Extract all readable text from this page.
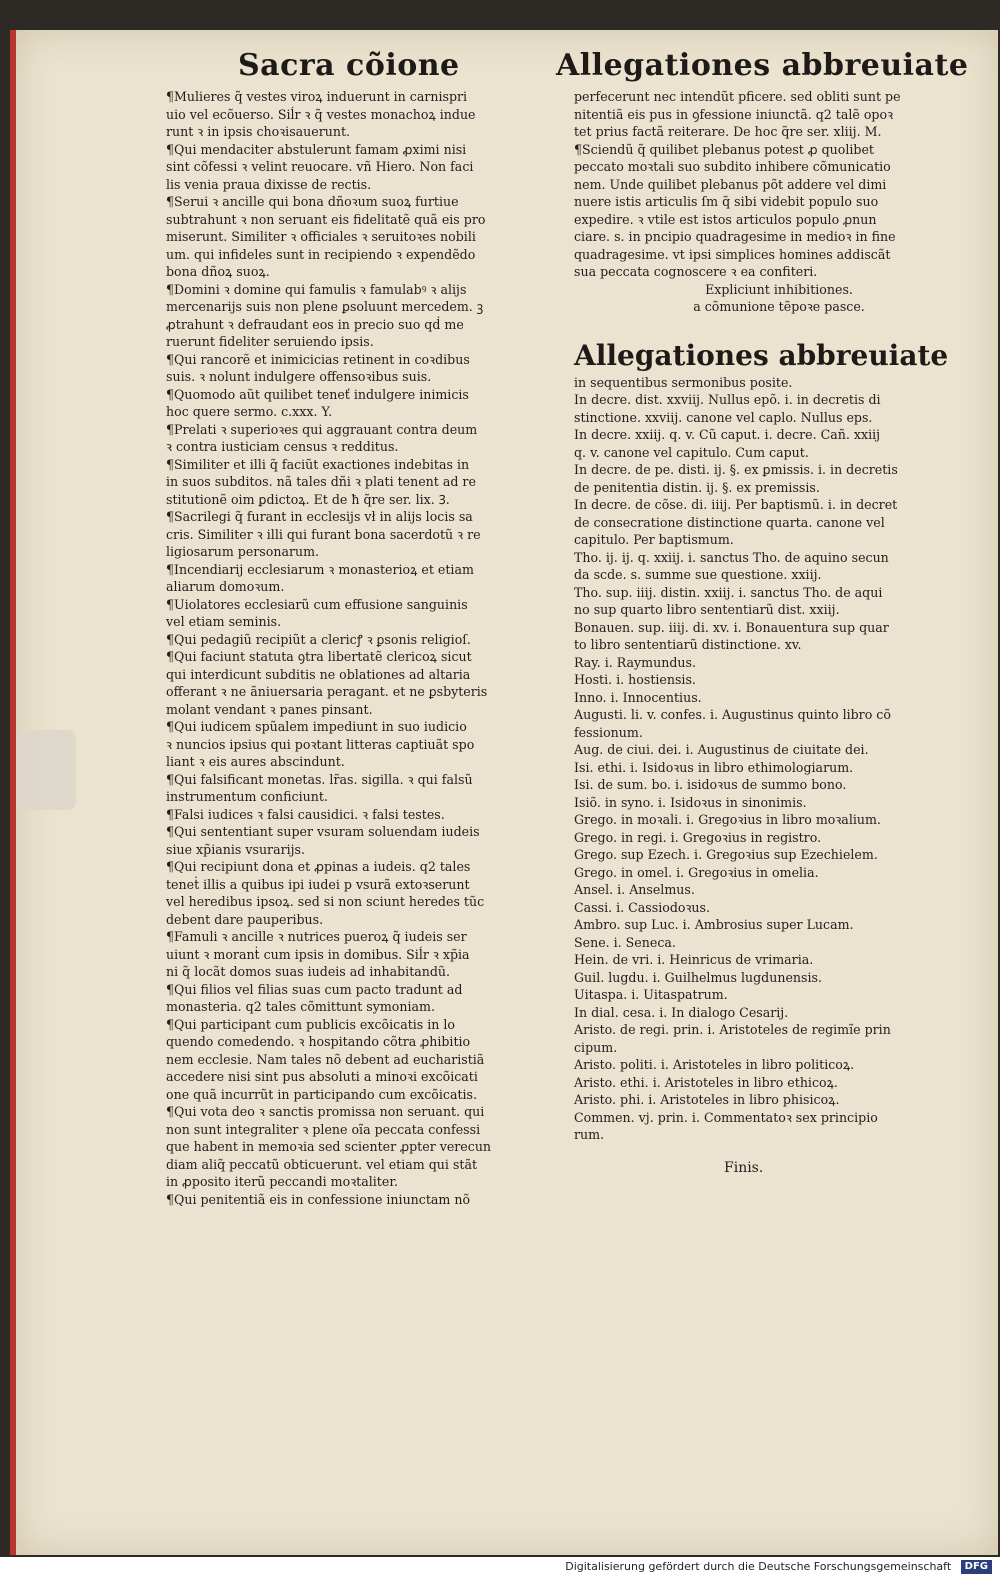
Sacra cõione	Allegationes abbreuiate
¶Mulieres q̃ vestes viroꝝ induerunt in carnispri
uio vel ecõuerso. Siĺr ꝛ q̃ vestes monachoꝝ indue
runt ꝛ in ipsis choꝛisauerunt.
¶Qui mendaciter abstulerunt famam ꝓximi nisi
sint cõfessi ꝛ velint reuocare. vñ Hiero. Non faci
lis venia praua dixisse de rectis.
¶Serui ꝛ ancille qui bona dñoꝛum suoꝝ furtiue
subtrahunt ꝛ non seruant eis fidelitatẽ quã eis pro
miserunt. Similiter ꝛ officiales ꝛ seruitoꝛes nobili
um. qui infideles sunt in recipiendo ꝛ expendẽdo
bona dñoꝝ suoꝝ.
¶Domini ꝛ domine qui famulis ꝛ famulabꝰ ꝛ alijs
mercenarijs suis non plene ꝑsoluunt mercedem. ꝫ
ꝓtrahunt ꝛ defraudant eos in precio suo qḋ me
ruerunt fideliter seruiendo ipsis.
¶Qui rancorẽ et inimicicias retinent in coꝛdibus
suis. ꝛ nolunt indulgere offensoꝛibus suis.
¶Quomodo aũt quilibet teneť indulgere inimicis
hoc quere sermo. c.xxx. Y.
¶Prelati ꝛ superioꝛes qui aggrauant contra deum
ꝛ contra iusticiam census ꝛ redditus.
¶Similiter et illi q̃ faciũt exactiones indebitas in
in suos subditos. nã tales dñi ꝛ plati tenent ad re
stitutionẽ oim ꝑdictoꝝ. Et de ħ q̃re ser. lix. Ꝫ.
¶Sacrilegi q̃ furant in ecclesijs vł in alijs locis sa
cris. Similiter ꝛ illi qui furant bona sacerdotũ ꝛ re
ligiosarum personarum.
¶Incendiarij ecclesiarum ꝛ monasterioꝝ et etiam
aliarum domoꝛum.
¶Uiolatores ecclesiarũ cum effusione sanguinis
vel etiam seminis.
¶Qui pedagiũ recipiũt a clericꝭ ꝛ ꝑsonis religioſ.
¶Qui faciunt statuta ꝯtra libertatẽ clericoꝝ sicut
qui interdicunt subditis ne oblationes ad altaria
offerant ꝛ ne ãniuersaria peragant. et ne ꝑsbyteris
molant vendant ꝛ panes pinsant.
¶Qui iudicem spũalem impediunt in suo iudicio
ꝛ nuncios ipsius qui poꝛtant litteras captiuãt spo
liant ꝛ eis aures abscindunt.
¶Qui falsificant monetas. lr̃as. sigilla. ꝛ qui falsũ
instrumentum conficiunt.
¶Falsi iudices ꝛ falsi causidici. ꝛ falsi testes.
¶Qui sententiant super vsuram soluendam iudeis
siue xp̃ianis vsurarijs.
¶Qui recipiunt dona et ꝓpinas a iudeis. q2 tales
teneṫ illis a quibus ipi iudei p vsurã extoꝛserunt
vel heredibus ipsoꝝ. sed si non sciunt heredes tũc
debent dare pauperibus.
¶Famuli ꝛ ancille ꝛ nutrices pueroꝝ q̃ iudeis ser
uiunt ꝛ moranṫ cum ipsis in domibus. Siĺr ꝛ xp̃ia
ni q̃ locãt domos suas iudeis ad inhabitandũ.
¶Qui filios vel filias suas cum pacto tradunt ad
monasteria. q2 tales cõmittunt symoniam.
¶Qui participant cum publicis excõicatis in lo
quendo comedendo. ꝛ hospitando cõtra ꝓhibitio
nem ecclesie. Nam tales nõ debent ad eucharistiã
accedere nisi sint pus absoluti a minoꝛi excõicati
one quã incurrũt in participando cum excõicatis.
¶Qui vota deo ꝛ sanctis promissa non seruant. qui
non sunt integraliter ꝛ plene oĩa peccata confessi
que habent in memoꝛia sed scienter ꝓpter verecun
diam aliq̃ peccatũ obticuerunt. vel etiam qui stãt
in ꝓposito iterũ peccandi moꝛtaliter.
¶Qui penitentiã eis in confessione iniunctam nõ
perfecerunt nec intendũt pficere. sed obliti sunt pe
nitentiã eis pus in ꝯfessione iniunctã. q2 talẽ opoꝛ
tet prius factã reiterare. De hoc q̃re ser. xliij. M.
¶Sciendũ q̃ quilibet plebanus potest ꝓ quolibet
peccato moꝛtali suo subdito inhibere cõmunicatio
nem. Unde quilibet plebanus põt addere vel dimi
nuere istis articulis ſm q̃ sibi videbit populo suo
expedire. ꝛ vtile est istos articulos populo ꝓnun
ciare. s. in pncipio quadragesime in medioꝛ in fine
quadragesime. vt ipsi simplices homines addiscãt
sua peccata cognoscere ꝛ ea confiteri.
Expliciunt inhibitiones.
a cõmunione tẽpoꝛe pasce.
Allegationes abbreuiate
in sequentibus sermonibus posite.
In decre. dist. xxviij. Nullus epõ. i. in decretis di
stinctione. xxviij. canone vel caplo. Nullus eps.
In decre. xxiij. q. v. Cũ caput. i. decre. Cañ. xxiij
q. v. canone vel capitulo. Cum caput.
In decre. de pe. disti. ij. §. ex ꝑmissis. i. in decretis
de penitentia distin. ij. §. ex premissis.
In decre. de cõse. di. iiij. Per baptismũ. i. in decret
de consecratione distinctione quarta. canone vel
capitulo. Per baptismum.
Tho. ij. ij. q. xxiij. i. sanctus Tho. de aquino secun
da scde. s. summe sue questione. xxiij.
Tho. sup. iiij. distin. xxiij. i. sanctus Tho. de aqui
no sup quarto libro sententiarũ dist. xxiij.
Bonauen. sup. iiij. di. xv. i. Bonauentura sup quar
to libro sententiarũ distinctione. xv.
Ray. i. Raymundus.
Hosti. i. hostiensis.
Inno. i. Innocentius.
Augusti. li. v. confes. i. Augustinus quinto libro cõ
fessionum.
Aug. de ciui. dei. i. Augustinus de ciuitate dei.
Isi. ethi. i. Isidoꝛus in libro ethimologiarum.
Isi. de sum. bo. i. isidoꝛus de summo bono.
Isiõ. in syno. i. Isidoꝛus in sinonimis.
Grego. in moꝛali. i. Gregoꝛius in libro moꝛalium.
Grego. in regi. i. Gregoꝛius in registro.
Grego. sup Ezech. i. Gregoꝛius sup Ezechielem.
Grego. in omel. i. Gregoꝛius in omelia.
Ansel. i. Anselmus.
Cassi. i. Cassiodoꝛus.
Ambro. sup Luc. i. Ambrosius super Lucam.
Sene. i. Seneca.
Hein. de vri. i. Heinricus de vrimaria.
Guil. lugdu. i. Guilhelmus lugdunensis.
Uitaspa. i. Uitaspatrum.
In dial. cesa. i. In dialogo Cesarij.
Aristo. de regi. prin. i. Aristoteles de regimĩe prin
cipum.
Aristo. politi. i. Aristoteles in libro politicoꝝ.
Aristo. ethi. i. Aristoteles in libro ethicoꝝ.
Aristo. phi. i. Aristoteles in libro phisicoꝝ.
Commen. vj. prin. i. Commentatoꝛ sex principio
rum.
Finis.
Digitalisierung gefördert durch die Deutsche Forschungsgemeinschaft DFG
